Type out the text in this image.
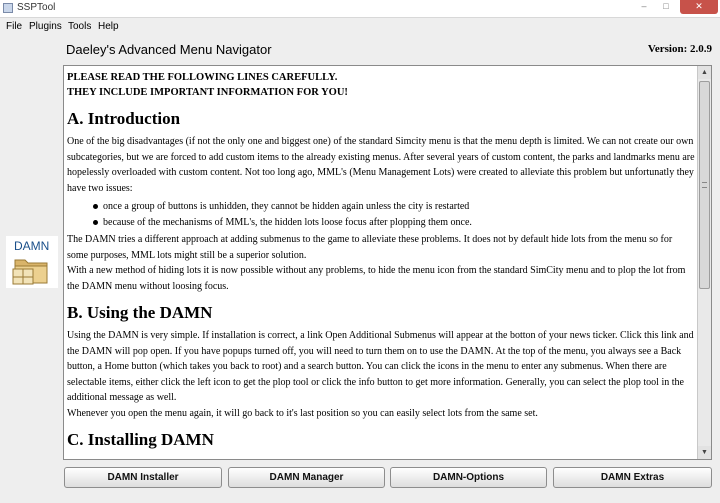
SSPTool	–	□	✕
File Plugins Tools Help
Daeley's Advanced Menu Navigator	Version: 2.0.9
DAMN
PLEASE READ THE FOLLOWING LINES CAREFULLY.
THEY INCLUDE IMPORTANT INFORMATION FOR YOU!
A. Introduction

One of the big disadvantages (if not the only one and biggest one) of the standard Simcity menu is that the menu depth is limited. We can not create our own subcategories, but we are forced to add custom items to the already existing menus. After several years of custom content, the parks and landmarks menu are hopelessly overloaded with custom content. Not too long ago, MML's (Menu Management Lots) were created to alleviate this problem but unfortunatly they have two issues:

once a group of buttons is unhidden, they cannot be hidden again unless the city is restarted
because of the mechanisms of MML's, the hidden lots loose focus after plopping them once.

The DAMN tries a different approach at adding submenus to the game to alleviate these problems. It does not by default hide lots from the menu so for some purposes, MML lots might still be a superior solution.

With a new method of hiding lots it is now possible without any problems, to hide the menu icon from the standard SimCity menu and to plop the lot from the DAMN menu without loosing focus.

B. Using the DAMN

Using the DAMN is very simple. If installation is correct, a link Open Additional Submenus will appear at the botton of your news ticker. Click this link and the DAMN will pop open. If you have popups turned off, you will need to turn them on to use the DAMN. At the top of the menu, you always see a Back button, a Home button (which takes you back to root) and a search button. You can click the icons in the menu to enter any submenus. When there are selectable items, either click the left icon to get the plop tool or click the info button to get more information. Generally, you can select the plop tool in the additional message as well.

Whenever you open the menu again, it will go back to it's last position so you can easily select lots from the same set.

C. Installing DAMN
▲
▼
DAMN Installer	DAMN Manager	DAMN-Options	DAMN Extras
